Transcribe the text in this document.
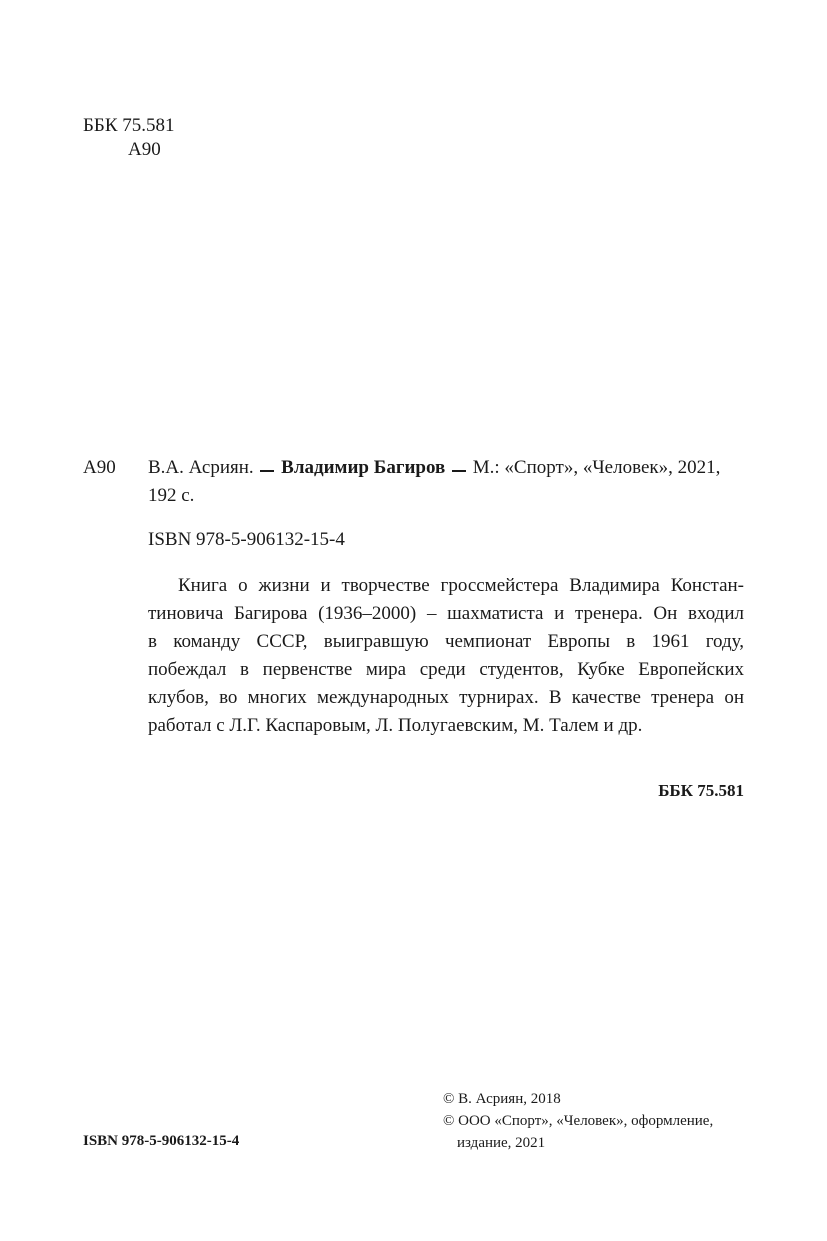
ББК 75.581
А90
А90 В.А. Асриян. Владимир Багиров М.: «Спорт», «Человек», 2021,
192 с.
ISBN 978-5-906132-15-4
Книга о жизни и творчестве гроссмейстера Владимира Констан-
тиновича Багирова (1936–2000) – шахматиста и тренера. Он входил
в команду СССР, выигравшую чемпионат Европы в 1961 году,
побеждал в первенстве мира среди студентов, Кубке Европейских
клубов, во многих международных турнирах. В качестве тренера он
работал с Л.Г. Каспаровым, Л. Полугаевским, М. Талем и др.
ББК 75.581
© В. Асриян, 2018
© ООО «Спорт», «Человек», оформление,
издание, 2021
ISBN 978-5-906132-15-4
